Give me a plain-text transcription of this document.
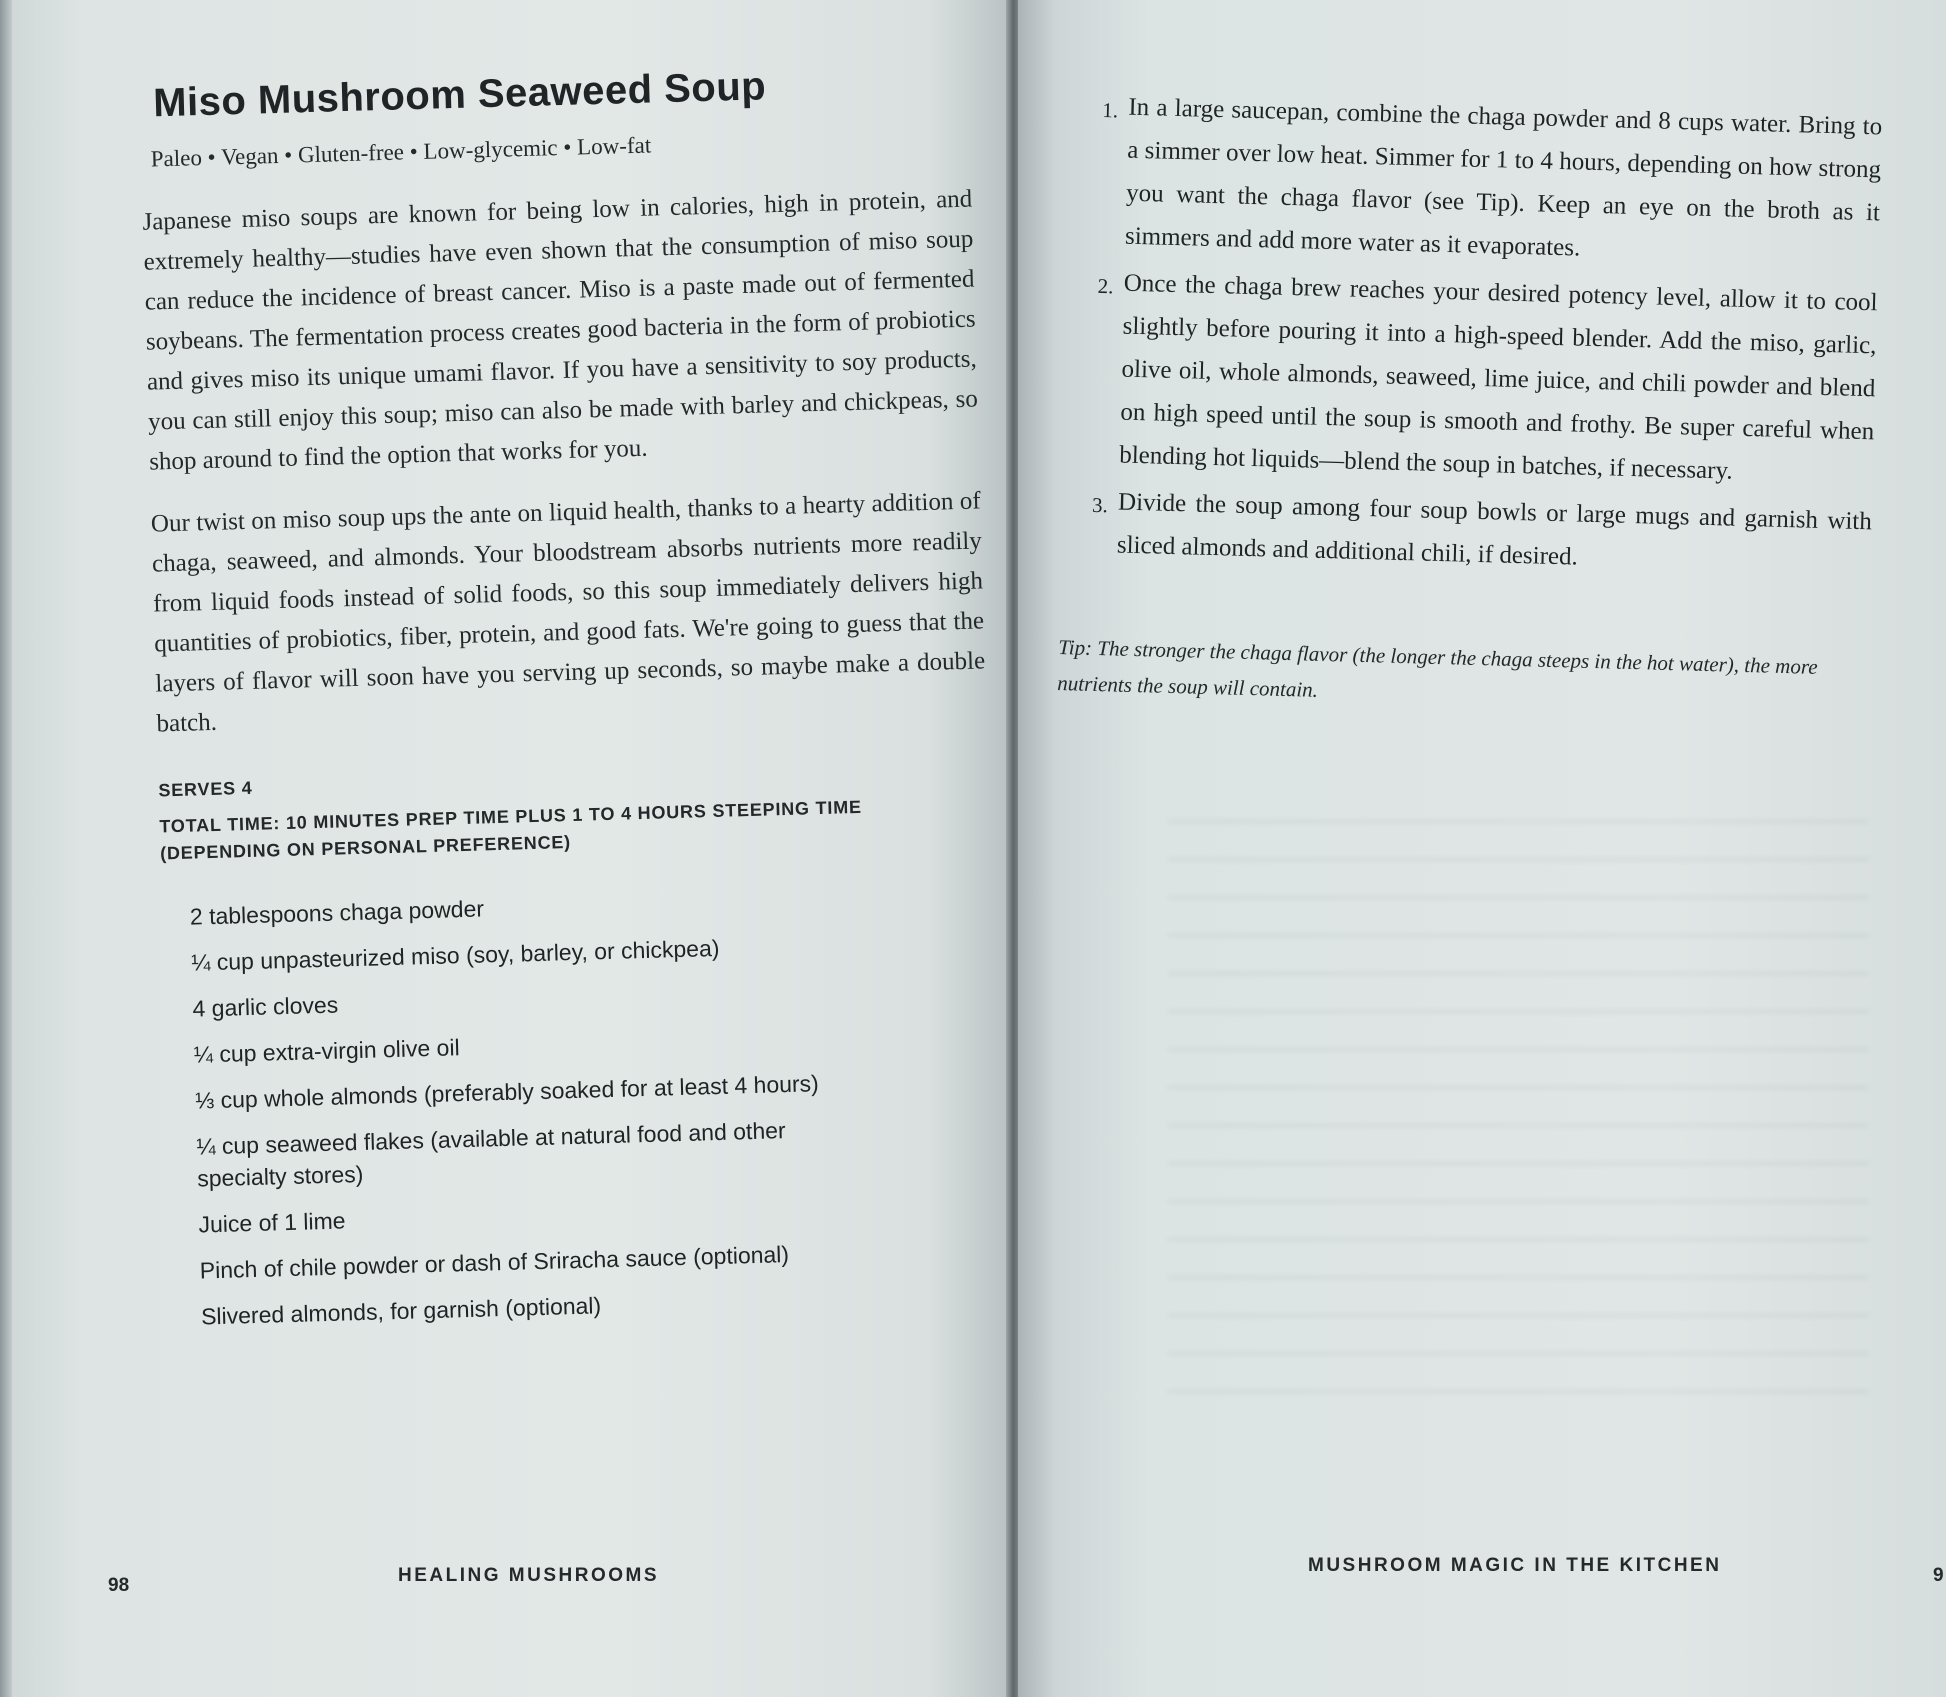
Miso Mushroom Seaweed Soup
Paleo • Vegan • Gluten-free • Low-glycemic • Low-fat

Japanese miso soups are known for being low in calories, high in protein, and extremely healthy—studies have even shown that the consumption of miso soup can reduce the incidence of breast cancer. Miso is a paste made out of fermented soybeans. The fermentation process creates good bacteria in the form of probiotics and gives miso its unique umami flavor. If you have a sensitivity to soy products, you can still enjoy this soup; miso can also be made with barley and chickpeas, so shop around to find the option that works for you.

Our twist on miso soup ups the ante on liquid health, thanks to a hearty addition of chaga, seaweed, and almonds. Your bloodstream absorbs nutrients more readily from liquid foods instead of solid foods, so this soup immediately delivers high quantities of probiotics, fiber, protein, and good fats. We're going to guess that the layers of flavor will soon have you serving up seconds, so maybe make a double batch.

SERVES 4
TOTAL TIME: 10 MINUTES PREP TIME PLUS 1 TO 4 HOURS STEEPING TIME (DEPENDING ON PERSONAL PREFERENCE)
2 tablespoons chaga powder
¼ cup unpasteurized miso (soy, barley, or chickpea)
4 garlic cloves
¼ cup extra-virgin olive oil
⅓ cup whole almonds (preferably soaked for at least 4 hours)
¼ cup seaweed flakes (available at natural food and other specialty stores)
Juice of 1 lime
Pinch of chile powder or dash of Sriracha sauce (optional)
Slivered almonds, for garnish (optional)
98	HEALING MUSHROOMS
1. In a large saucepan, combine the chaga powder and 8 cups water. Bring to a simmer over low heat. Simmer for 1 to 4 hours, depending on how strong you want the chaga flavor (see Tip). Keep an eye on the broth as it simmers and add more water as it evaporates.
2. Once the chaga brew reaches your desired potency level, allow it to cool slightly before pouring it into a high-speed blender. Add the miso, garlic, olive oil, whole almonds, seaweed, lime juice, and chili powder and blend on high speed until the soup is smooth and frothy. Be super careful when blending hot liquids—blend the soup in batches, if necessary.
3. Divide the soup among four soup bowls or large mugs and garnish with sliced almonds and additional chili, if desired.

Tip: The stronger the chaga flavor (the longer the chaga steeps in the hot water), the more nutrients the soup will contain.

MUSHROOM MAGIC IN THE KITCHEN	9
